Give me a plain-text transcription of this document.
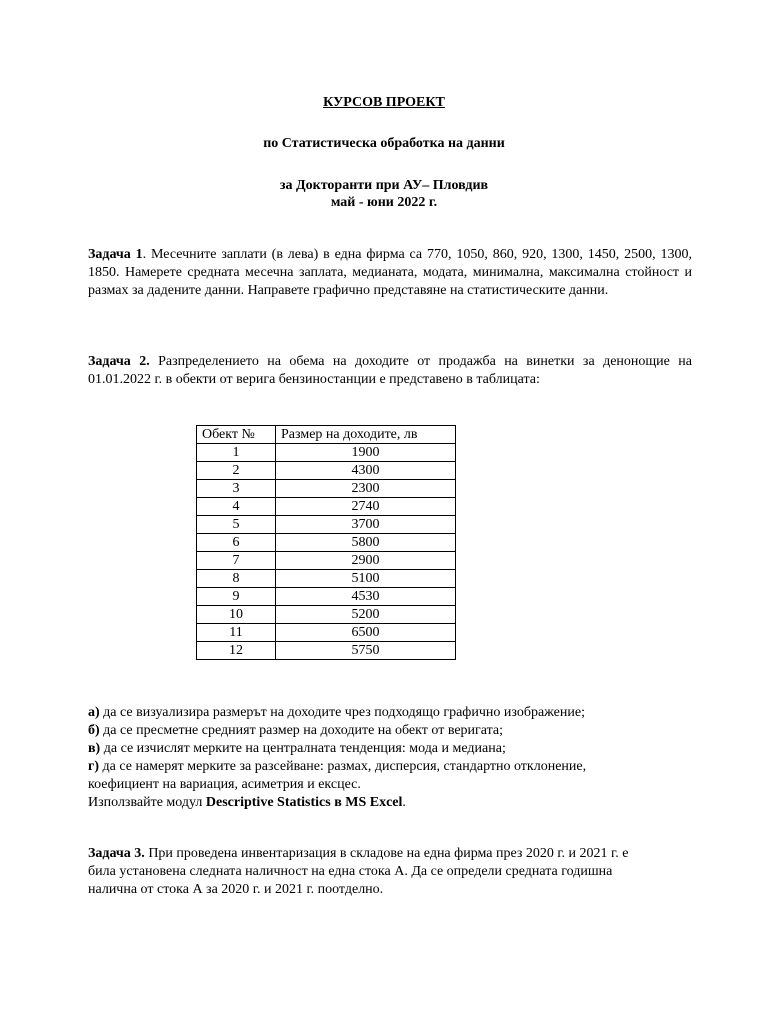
КУРСОВ ПРОЕКТ
по Статистическа обработка на данни
за Докторанти при АУ– Пловдив
май - юни 2022 г.
Задача 1. Месечните заплати (в лева) в една фирма са 770, 1050, 860, 920, 1300, 1450, 2500, 1300, 1850. Намерете средната месечна заплата, медианата, модата, минимална, максимална стойност и размах за дадените данни. Направете графично представяне на статистическите данни.
Задача 2. Разпределението на обема на доходите от продажба на винетки за денонощие на 01.01.2022 г. в обекти от верига бензиностанции е представено в таблицата:
Обект №	Размер на доходите, лв
1	1900
2	4300
3	2300
4	2740
5	3700
6	5800
7	2900
8	5100
9	4530
10	5200
11	6500
12	5750
а) да се визуализира размерът на доходите чрез подходящо графично изображение;
б) да се пресметне средният размер на доходите на обект от веригата;
в) да се изчислят мерките на централната тенденция: мода и медиана;
г) да се намерят мерките за разсейване: размах, дисперсия, стандартно отклонение,
коефициент на вариация, асиметрия и ексцес.
Използвайте модул Descriptive Statistics в MS Excel.
Задача 3. При проведена инвентаризация в складове на една фирма през 2020 г. и 2021 г. е
била установена следната наличност на една стока А. Да се определи средната годишна
налична от стока А за 2020 г. и 2021 г. поотделно.
